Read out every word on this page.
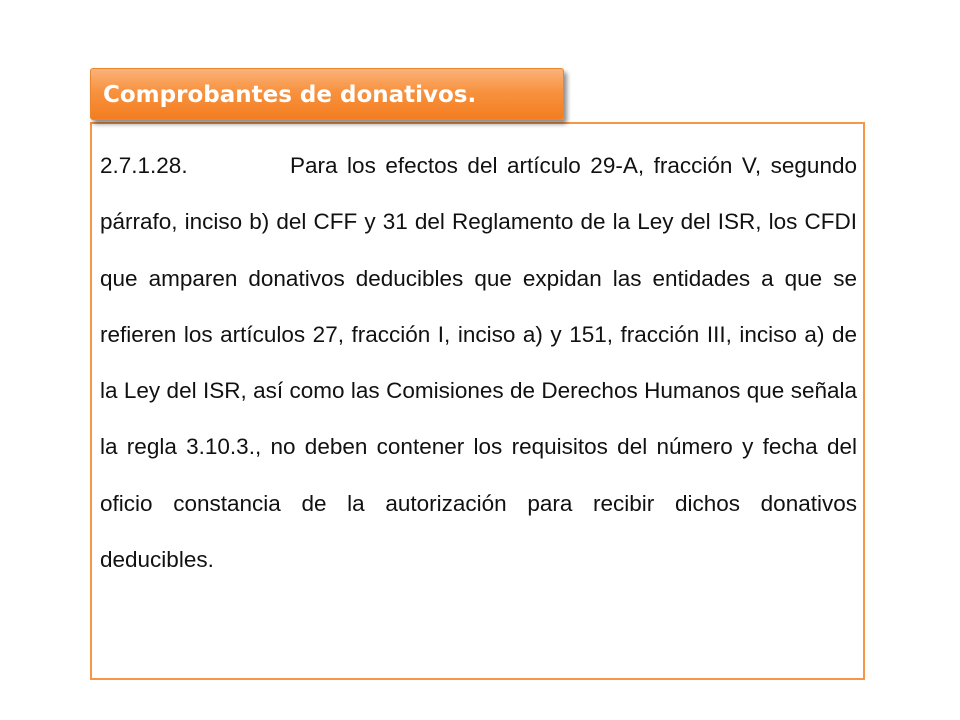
2.7.1.28.	Para los efectos del artículo 29-A, fracción V, segundo párrafo, inciso b) del CFF y 31 del Reglamento de la Ley del ISR, los CFDI que amparen donativos deducibles que expidan las entidades a que se refieren los artículos 27, fracción I, inciso a) y 151, fracción III, inciso a) de la Ley del ISR, así como las Comisiones de Derechos Humanos que señala la regla 3.10.3., no deben contener los requisitos del número y fecha del oficio constancia de la autorización para recibir dichos donativos deducibles.

Comprobantes de donativos.
